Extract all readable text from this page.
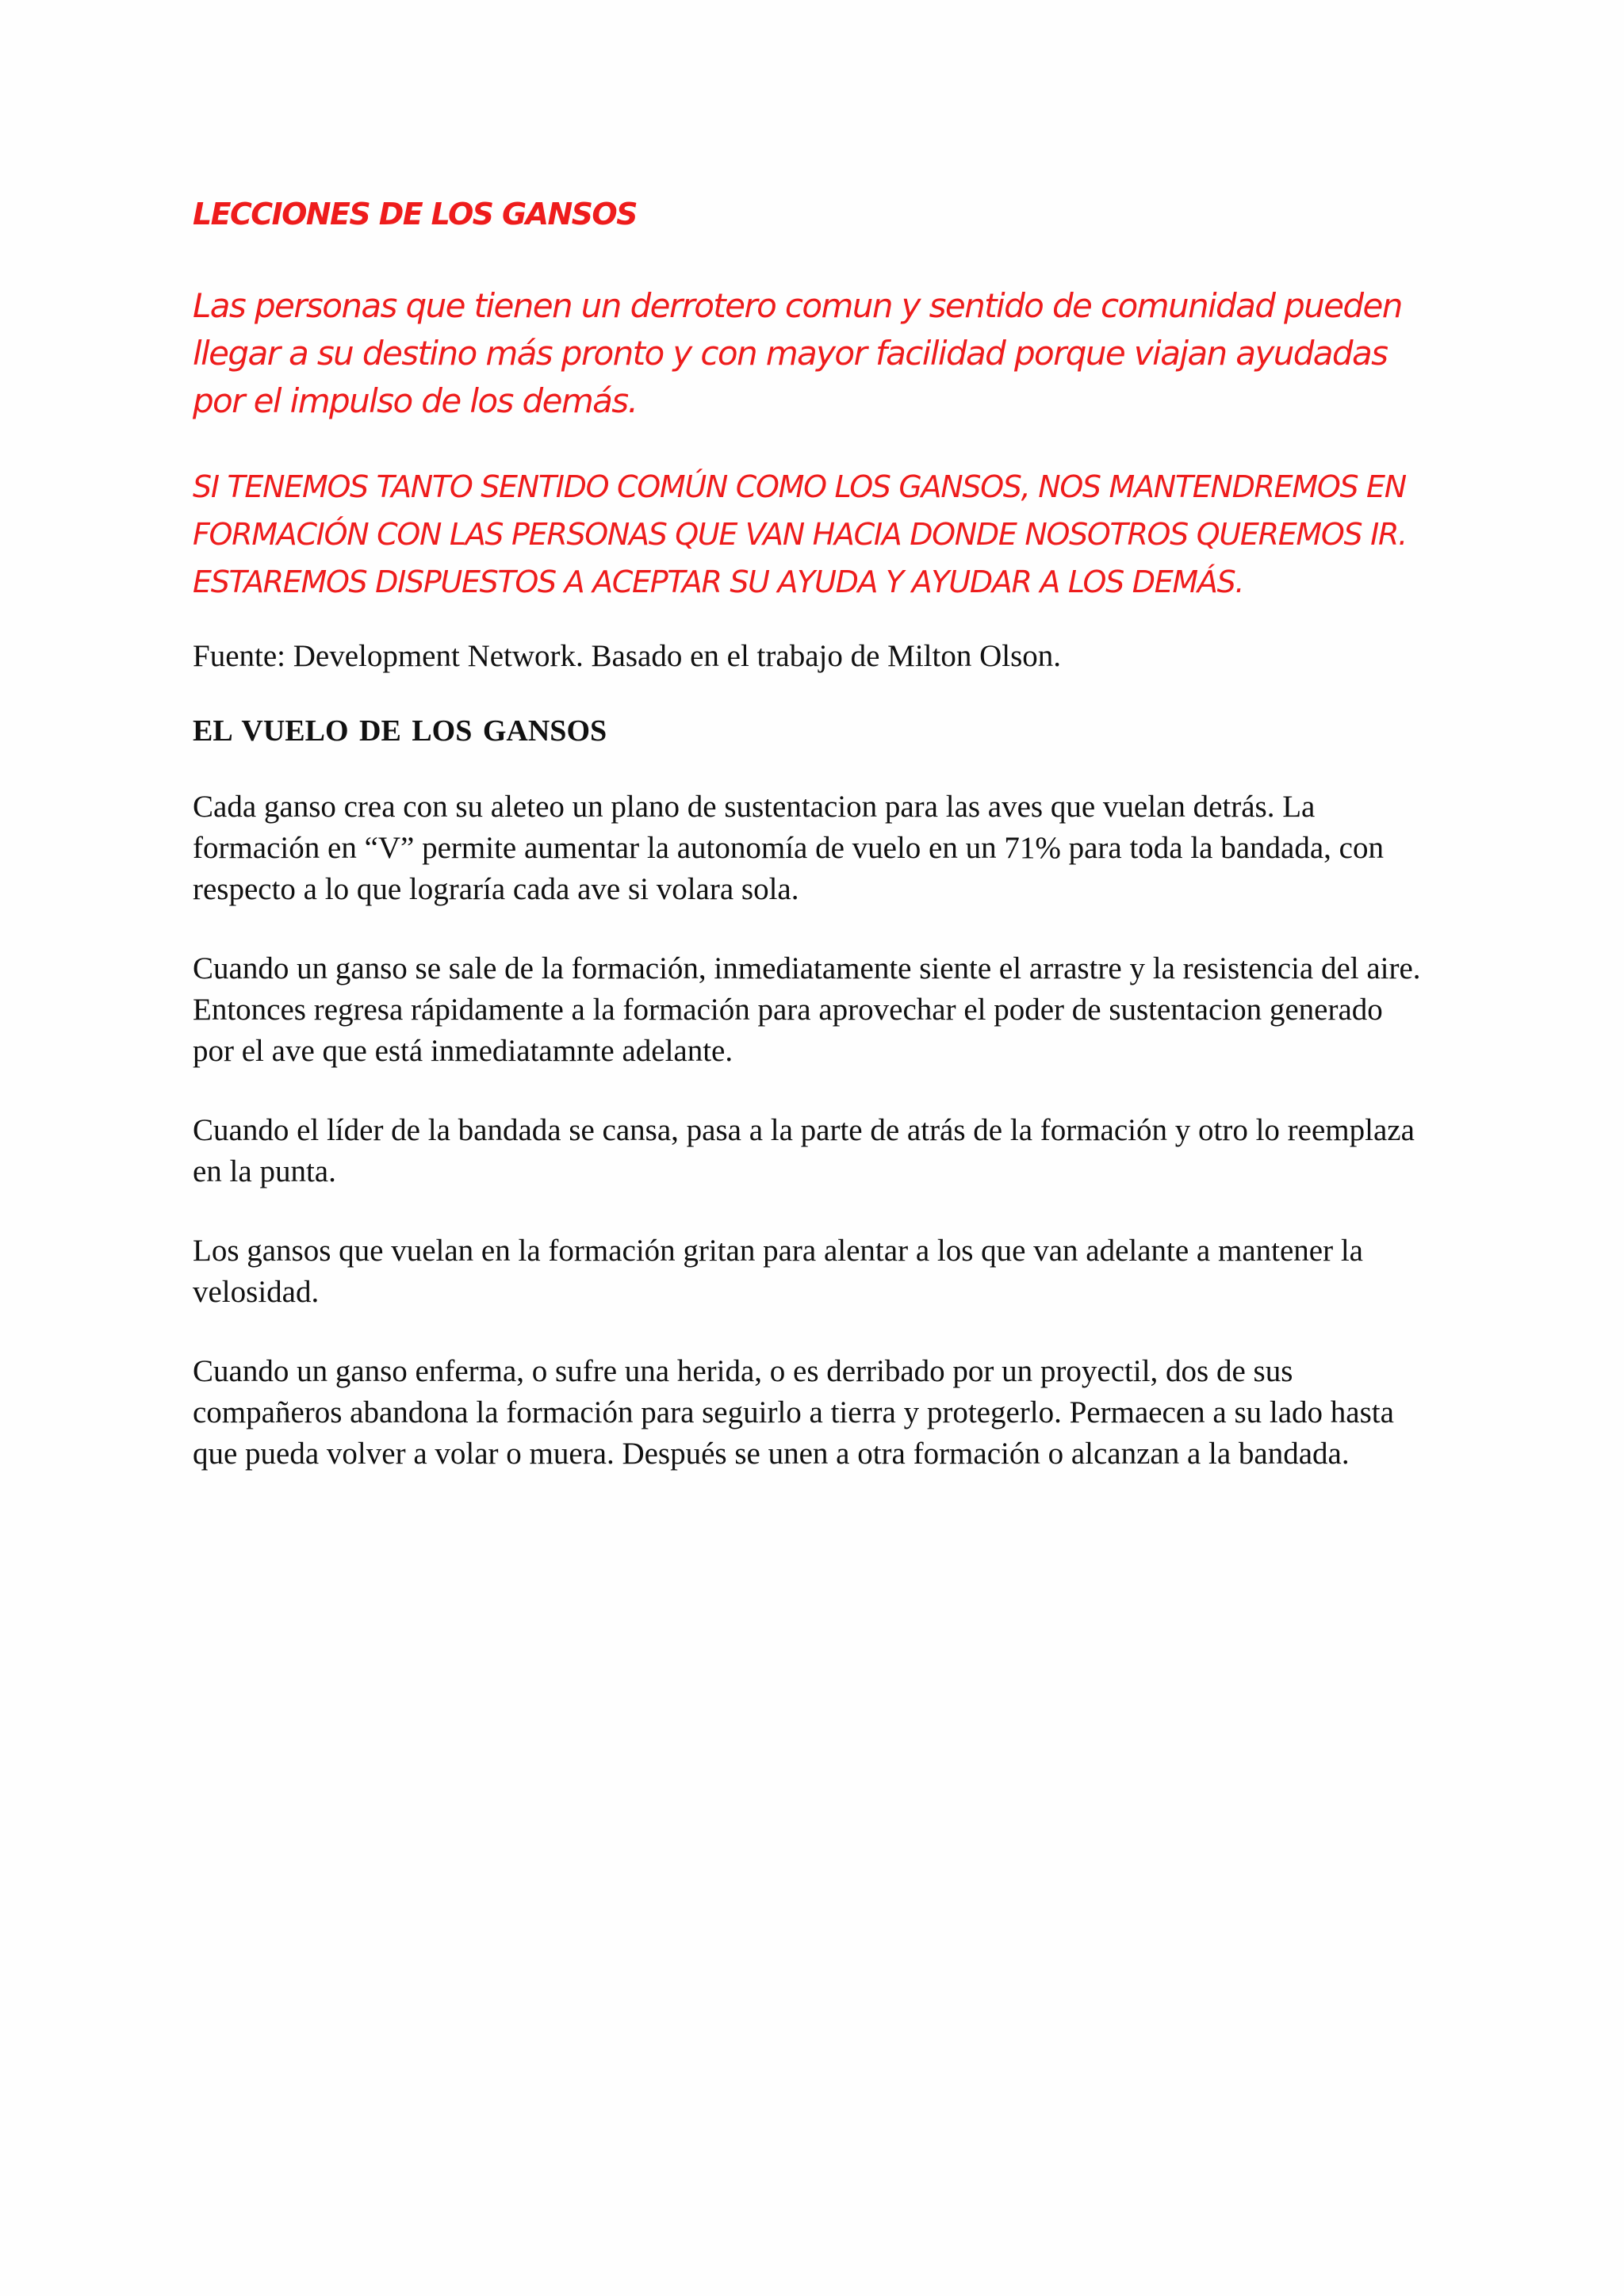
LECCIONES DE LOS GANSOS

Las personas que tienen un derrotero comun y sentido de comunidad pueden llegar a su destino más pronto y con mayor facilidad porque viajan ayudadas por el impulso de los demás.

SI TENEMOS TANTO SENTIDO COMÚN COMO LOS GANSOS, NOS MANTENDREMOS EN FORMACIÓN CON LAS PERSONAS QUE VAN HACIA DONDE NOSOTROS QUEREMOS IR. ESTAREMOS DISPUESTOS A ACEPTAR SU AYUDA Y AYUDAR A LOS DEMÁS.

Fuente: Development Network. Basado en el trabajo de Milton Olson.

EL VUELO DE LOS GANSOS

Cada ganso crea con su aleteo un plano de sustentacion para las aves que vuelan detrás. La formación en “V” permite aumentar la autonomía de vuelo en un 71% para toda la bandada, con respecto a lo que lograría cada ave si volara sola.

Cuando un ganso se sale de la formación, inmediatamente siente el arrastre y la resistencia del aire. Entonces regresa rápidamente a la formación para aprovechar el poder de sustentacion generado por el ave que está inmediatamnte adelante.

Cuando el líder de la bandada se cansa, pasa a la parte de atrás de la formación y otro lo reemplaza en la punta.

Los gansos que vuelan en la formación gritan para alentar a los que van adelante a mantener la velosidad.

Cuando un ganso enferma, o sufre una herida, o es derribado por un proyectil, dos de sus compañeros abandona la formación para seguirlo a tierra y protegerlo. Permaecen a su lado hasta que pueda volver a volar o muera. Después se unen a otra formación o alcanzan a la bandada.
